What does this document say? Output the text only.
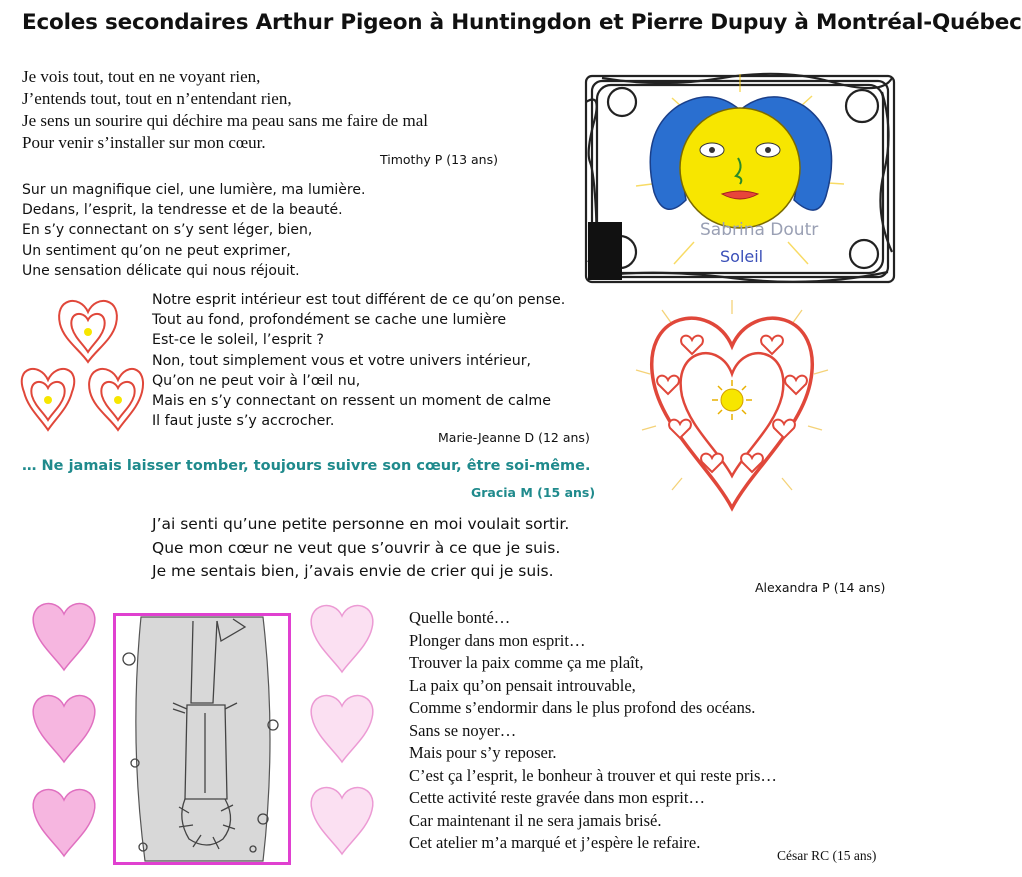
Ecoles secondaires Arthur Pigeon à Huntingdon et Pierre Dupuy à Montréal-Québec
Je vois tout, tout en ne voyant rien,
J’entends tout, tout en n’entendant rien,
Je sens un sourire qui déchire ma peau sans me faire de mal
Pour venir s’installer sur mon cœur.
Timothy P (13 ans)
Sur un magnifique ciel, une lumière, ma lumière.
Dedans, l’esprit, la tendresse et de la beauté.
En s’y connectant on s’y sent léger, bien,
Un sentiment qu’on ne peut exprimer,
Une sensation délicate qui nous réjouit.
Notre esprit intérieur est tout différent de ce qu’on pense.
Tout au fond, profondément se cache une lumière
Est-ce le soleil, l’esprit ?
Non, tout simplement vous et votre univers intérieur,
Qu’on ne peut voir à l’œil nu,
Mais en s’y connectant on ressent un moment de calme
Il faut juste s’y accrocher.
Marie-Jeanne D (12 ans)
… Ne jamais laisser tomber, toujours suivre son cœur, être soi-même.
Gracia M (15 ans)
J’ai senti qu’une petite personne en moi voulait sortir.
Que mon cœur ne veut que s’ouvrir à ce que je suis.
Je me sentais bien, j’avais envie de crier qui je suis.
Alexandra P (14 ans)
Quelle bonté…
Plonger dans mon esprit…
Trouver la paix comme ça me plaît,
La paix qu’on pensait introuvable,
Comme s’endormir dans le plus profond des océans.
Sans se noyer…
Mais pour s’y reposer.
C’est ça l’esprit, le bonheur à trouver et qui reste pris…
Cette activité reste gravée dans mon esprit…
Car maintenant il ne sera jamais brisé.
Cet atelier m’a marqué et j’espère le refaire.
César RC (15 ans)
Sabrina Doutr
Soleil
